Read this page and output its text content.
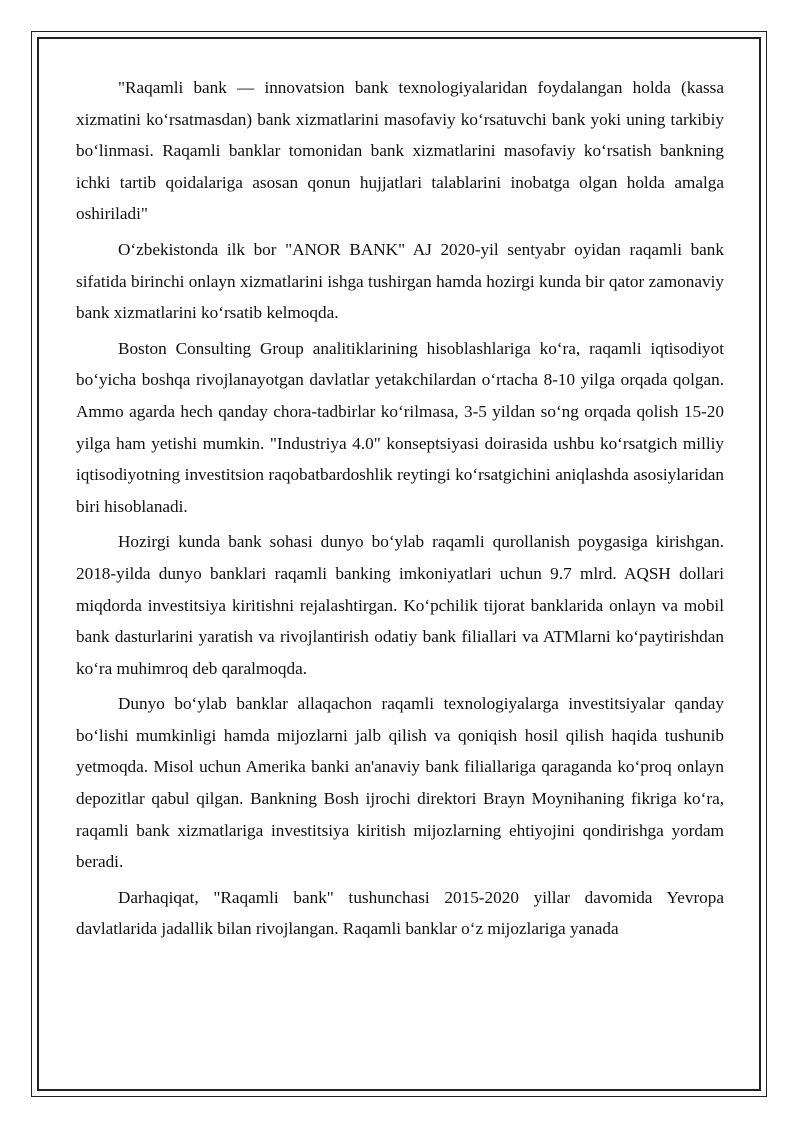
"Raqamli bank — innovatsion bank texnologiyalaridan foydalangan holda (kassa xizmatini ko‘rsatmasdan) bank xizmatlarini masofaviy ko‘rsatuvchi bank yoki uning tarkibiy bo‘linmasi. Raqamli banklar tomonidan bank xizmatlarini masofaviy ko‘rsatish bankning ichki tartib qoidalariga asosan qonun hujjatlari talablarini inobatga olgan holda amalga oshiriladi"

O‘zbekistonda ilk bor "ANOR BANK" AJ 2020-yil sentyabr oyidan raqamli bank sifatida birinchi onlayn xizmatlarini ishga tushirgan hamda hozirgi kunda bir qator zamonaviy bank xizmatlarini ko‘rsatib kelmoqda.

Boston Consulting Group analitiklarining hisoblashlariga ko‘ra, raqamli iqtisodiyot bo‘yicha boshqa rivojlanayotgan davlatlar yetakchilardan o‘rtacha 8-10 yilga orqada qolgan. Ammo agarda hech qanday chora-tadbirlar ko‘rilmasa, 3-5 yildan so‘ng orqada qolish 15-20 yilga ham yetishi mumkin. "Industriya 4.0" konseptsiyasi doirasida ushbu ko‘rsatgich milliy iqtisodiyotning investitsion raqobatbardoshlik reytingi ko‘rsatgichini aniqlashda asosiylaridan biri hisoblanadi.

Hozirgi kunda bank sohasi dunyo bo‘ylab raqamli qurollanish poygasiga kirishgan. 2018-yilda dunyo banklari raqamli banking imkoniyatlari uchun 9.7 mlrd. AQSH dollari miqdorda investitsiya kiritishni rejalashtirgan. Ko‘pchilik tijorat banklarida onlayn va mobil bank dasturlarini yaratish va rivojlantirish odatiy bank filiallari va ATMlarni ko‘paytirishdan ko‘ra muhimroq deb qaralmoqda.

Dunyo bo‘ylab banklar allaqachon raqamli texnologiyalarga investitsiyalar qanday bo‘lishi mumkinligi hamda mijozlarni jalb qilish va qoniqish hosil qilish haqida tushunib yetmoqda. Misol uchun Amerika banki an'anaviy bank filiallariga qaraganda ko‘proq onlayn depozitlar qabul qilgan. Bankning Bosh ijrochi direktori Brayn Moynihaning fikriga ko‘ra, raqamli bank xizmatlariga investitsiya kiritish mijozlarning ehtiyojini qondirishga yordam beradi.

Darhaqiqat, "Raqamli bank" tushunchasi 2015-2020 yillar davomida Yevropa davlatlarida jadallik bilan rivojlangan. Raqamli banklar o‘z mijozlariga yanada
